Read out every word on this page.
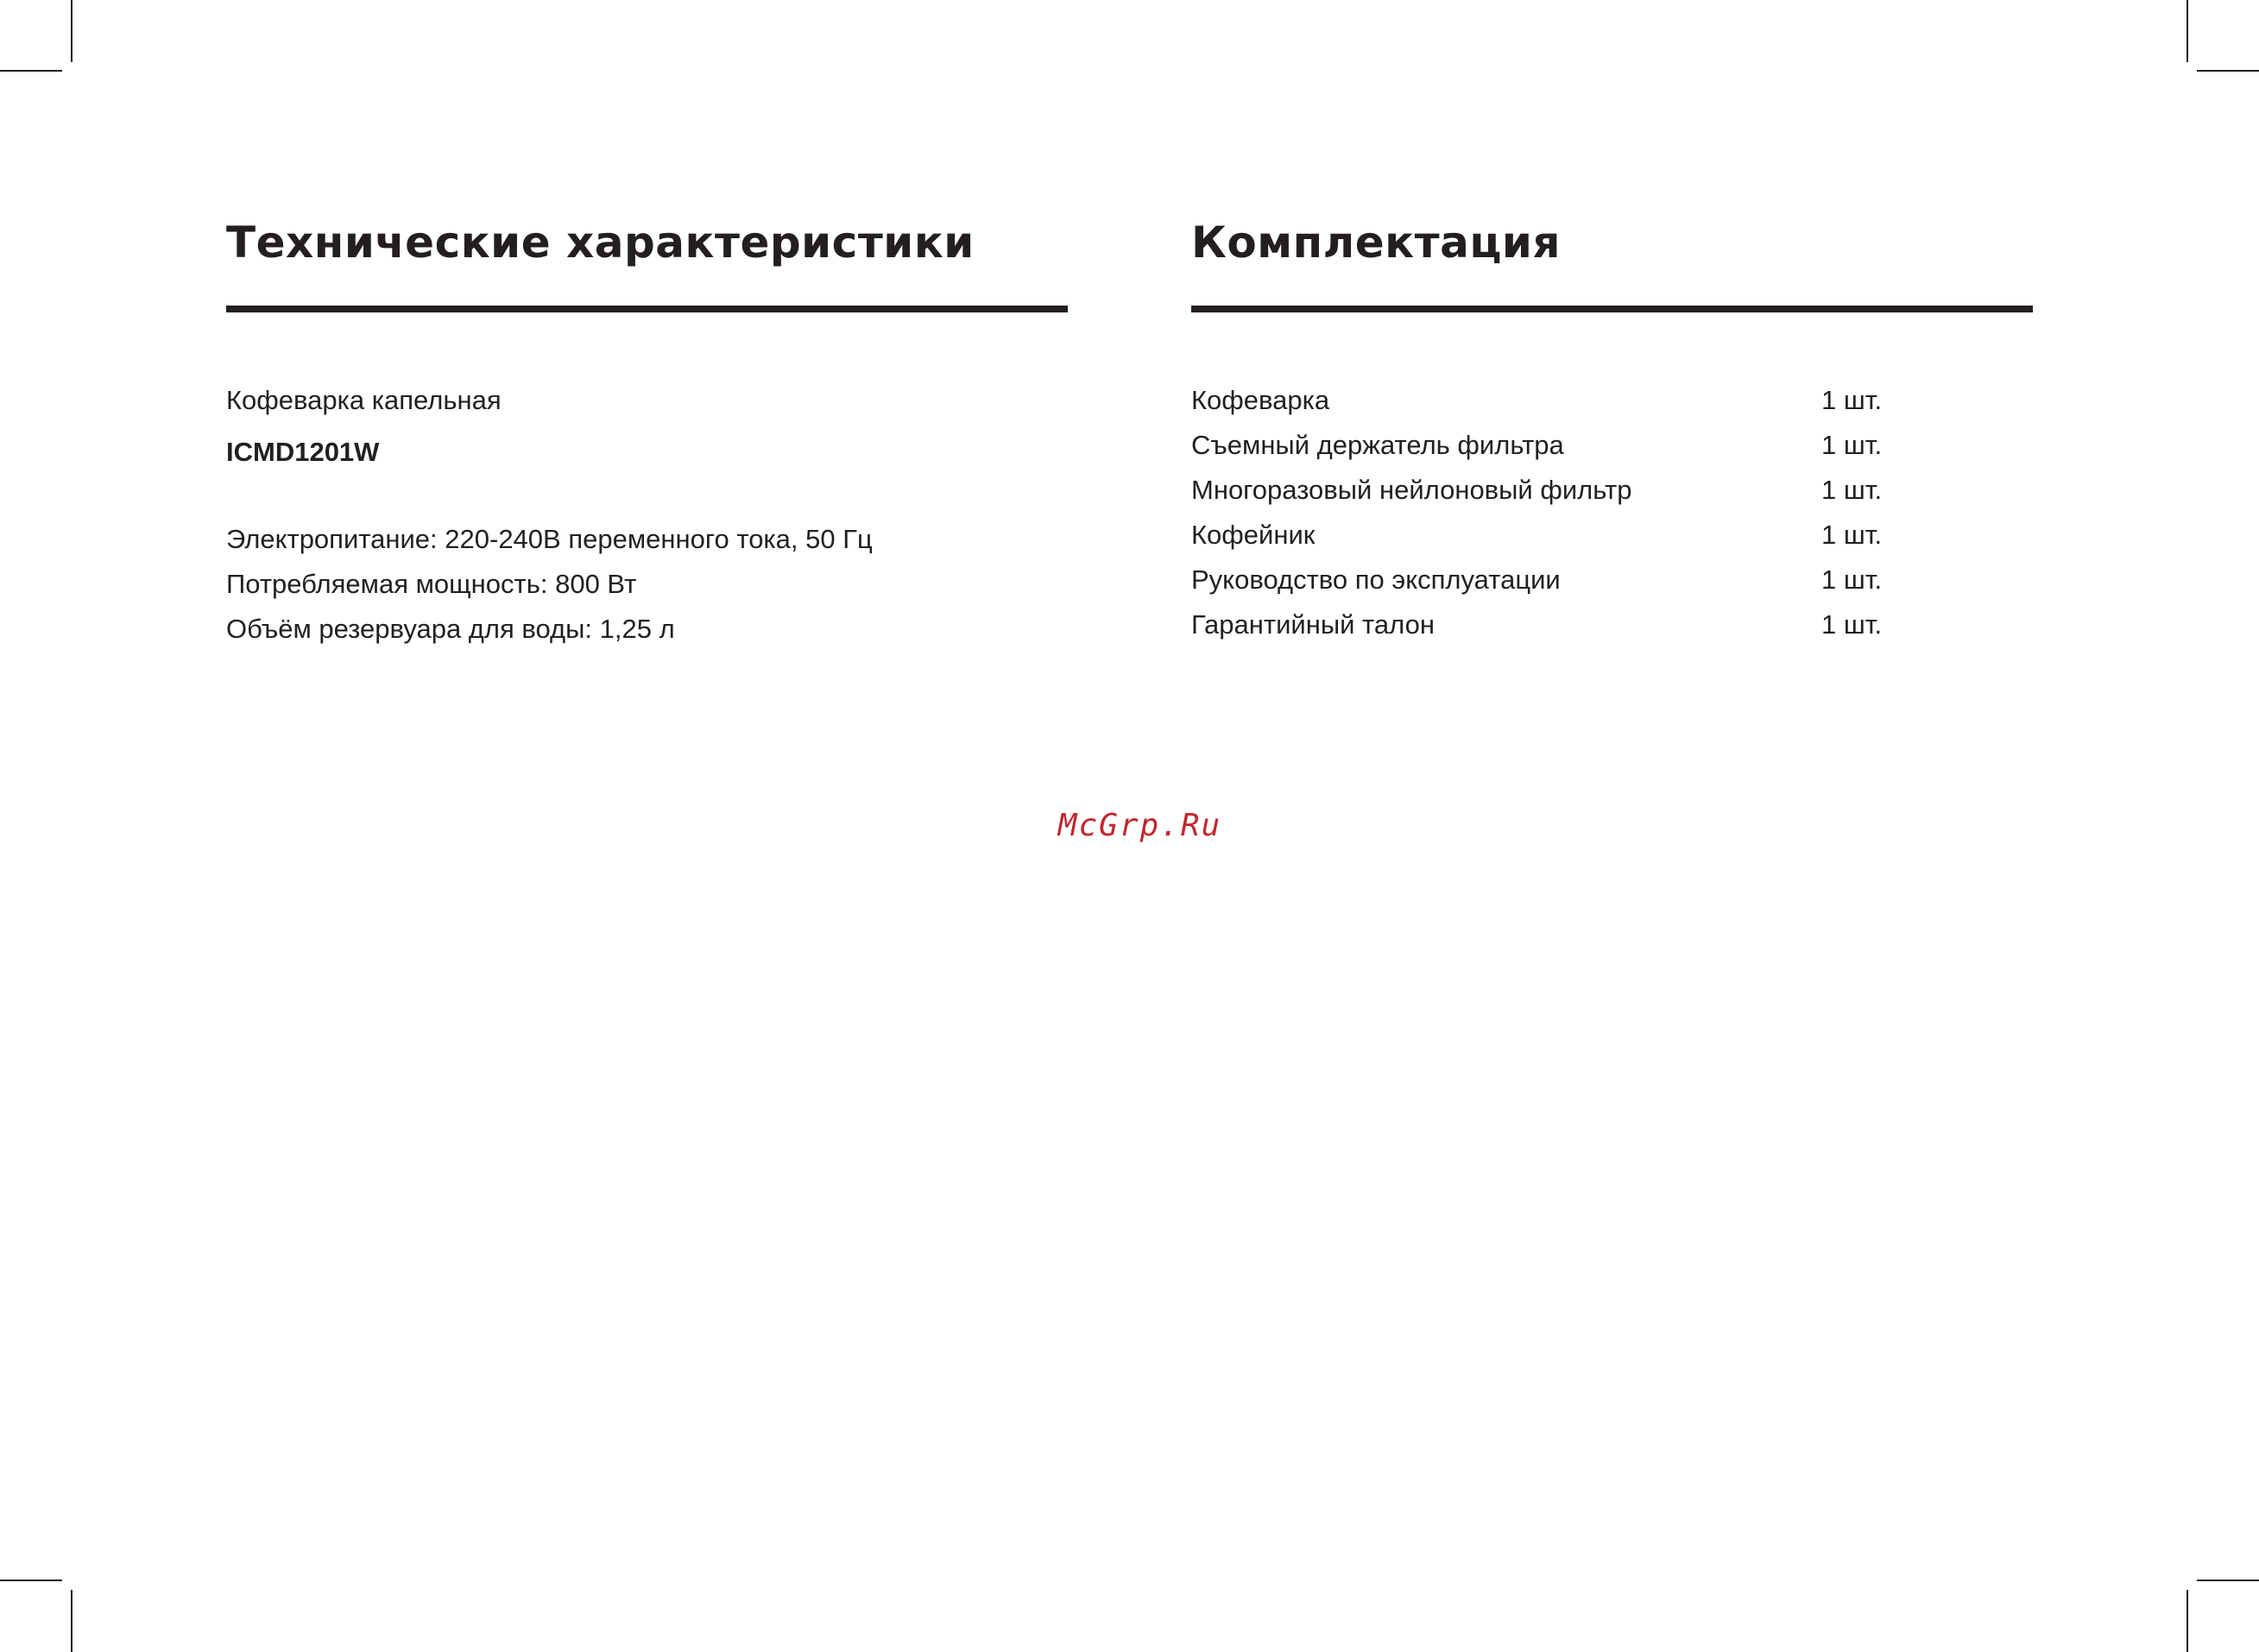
Технические характеристики
Кофеварка капельная
ICMD1201W
Электропитание: 220-240В переменного тока, 50 Гц
Потребляемая мощность: 800 Вт
Объём резервуара для воды: 1,25 л
Комплектация
Кофеварка	1 шт.
Съемный держатель фильтра	1 шт.
Многоразовый нейлоновый фильтр	1 шт.
Кофейник	1 шт.
Руководство по эксплуатации	1 шт.
Гарантийный талон	1 шт.
McGrp.Ru
